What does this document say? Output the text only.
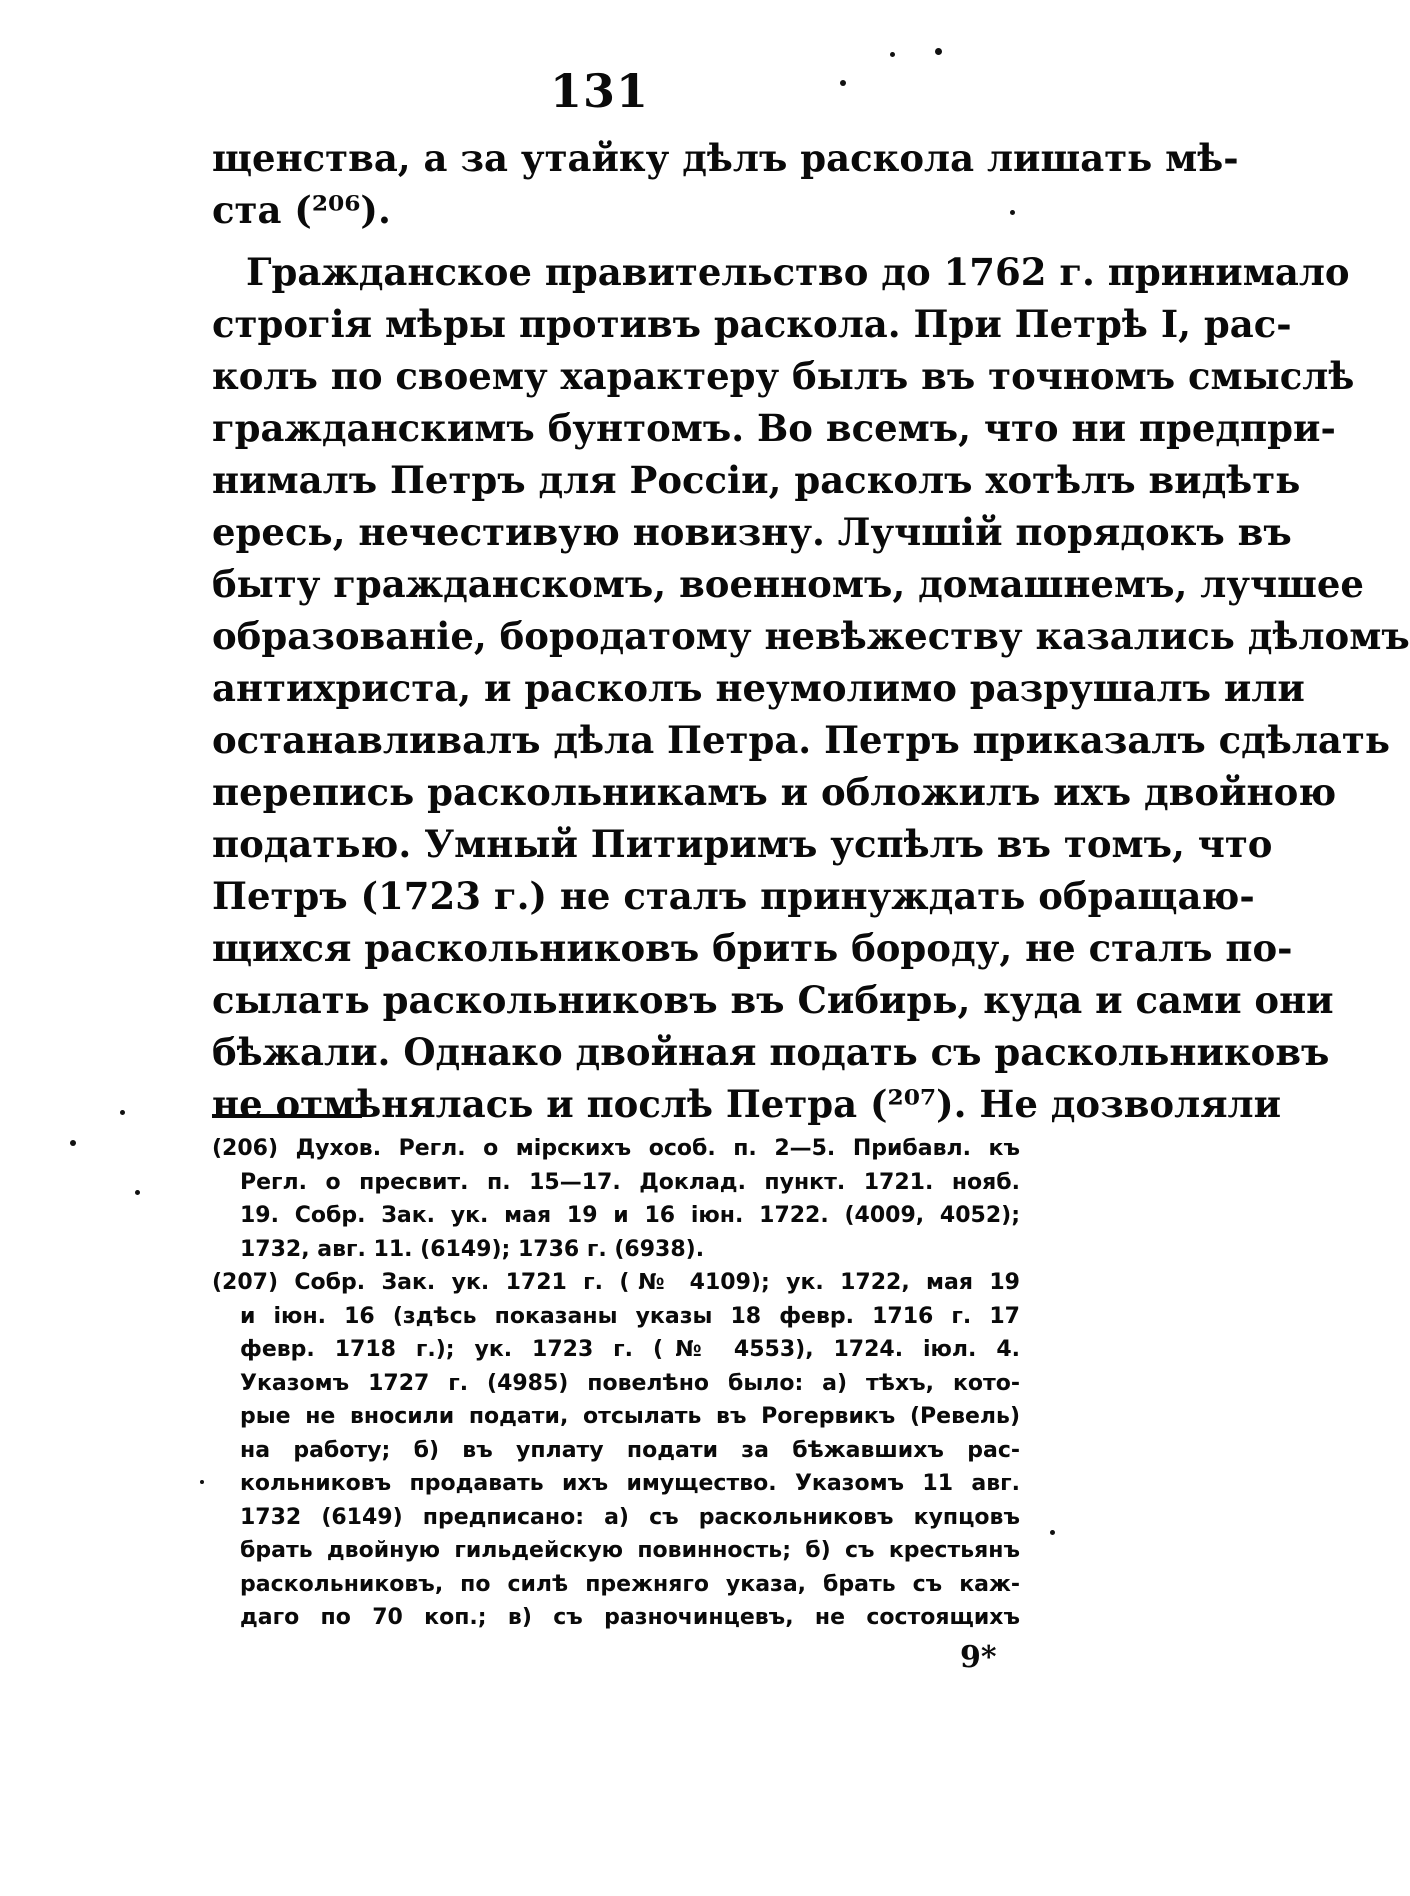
131
щенства, а за утайку дѣлъ раскола лишать мѣ-
ста (²⁰⁶).
Гражданское правительство до 1762 г. принимало
строгія мѣры противъ раскола. При Петрѣ I, рас-
колъ по своему характеру былъ въ точномъ смыслѣ
гражданскимъ бунтомъ. Во всемъ, что ни предпри-
нималъ Петръ для Россіи, расколъ хотѣлъ видѣть
ересь, нечестивую новизну. Лучшій порядокъ въ
быту гражданскомъ, военномъ, домашнемъ, лучшее
образованіе, бородатому невѣжеству казались дѣломъ
антихриста, и расколъ неумолимо разрушалъ или
останавливалъ дѣла Петра. Петръ приказалъ сдѣлать
перепись раскольникамъ и обложилъ ихъ двойною
податью. Умный Питиримъ успѣлъ въ томъ, что
Петръ (1723 г.) не сталъ принуждать обращаю-
щихся раскольниковъ брить бороду, не сталъ по-
сылать раскольниковъ въ Сибирь, куда и сами они
бѣжали. Однако двойная подать съ раскольниковъ
не отмѣнялась и послѣ Петра (²⁰⁷). Не дозволяли
(206) Духов. Регл. о мірскихъ особ. п. 2—5. Прибавл. къ
Регл. о пресвит. п. 15—17. Доклад. пункт. 1721. нояб.
19. Собр. Зак. ук. мая 19 и 16 іюн. 1722. (4009, 4052);
1732, авг. 11. (6149); 1736 г. (6938).
(207) Собр. Зак. ук. 1721 г. (№ 4109); ук. 1722, мая 19
и іюн. 16 (здѣсь показаны указы 18 февр. 1716 г. 17
февр. 1718 г.); ук. 1723 г. (№ 4553), 1724. іюл. 4.
Указомъ 1727 г. (4985) повелѣно было: а) тѣхъ, кото-
рые не вносили подати, отсылать въ Рогервикъ (Ревель)
на работу; б) въ уплату подати за бѣжавшихъ рас-
кольниковъ продавать ихъ имущество. Указомъ 11 авг.
1732 (6149) предписано: а) съ раскольниковъ купцовъ
брать двойную гильдейскую повинность; б) съ крестьянъ
раскольниковъ, по силѣ прежняго указа, брать съ каж-
даго по 70 коп.; в) съ разночинцевъ, не состоящихъ
9*
